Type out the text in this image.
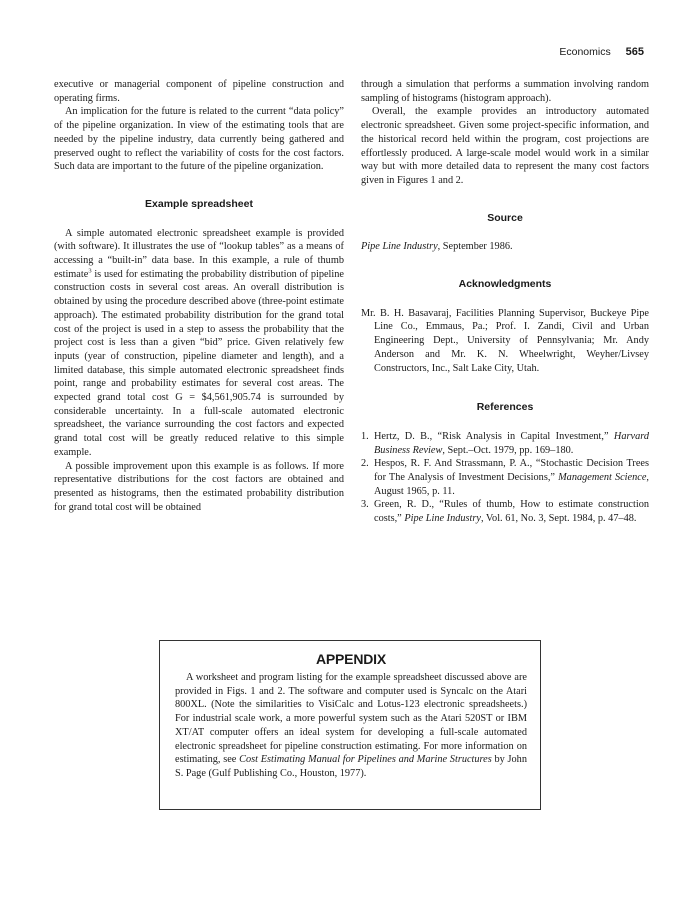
Economics 565

executive or managerial component of pipeline construction and operating firms.

An implication for the future is related to the current “data policy” of the pipeline organization. In view of the estimating tools that are needed by the pipeline industry, data currently being gathered and preserved ought to reflect the variability of costs for the cost factors. Such data are important to the future of the pipeline organization.

Example spreadsheet

A simple automated electronic spreadsheet example is provided (with software). It illustrates the use of “lookup tables” as a means of accessing a “built-in” data base. In this example, a rule of thumb estimate$^3$ is used for estimating the probability distribution of pipeline construction costs in several cost areas. An overall distribution is obtained by using the procedure described above (three-point estimate approach). The estimated probability distribution for the grand total cost of the project is used in a step to assess the probability that the project cost is less than a given “bid” price. Given relatively few inputs (year of construction, pipeline diameter and length), and a limited database, this simple automated electronic spreadsheet finds point, range and probability estimates for several cost areas. The expected grand total cost G = $4,561,905.74 is surrounded by considerable uncertainty. In a full-scale automated electronic spreadsheet, the variance surrounding the cost factors and expected grand total cost will be greatly reduced relative to this simple example.

A possible improvement upon this example is as follows. If more representative distributions for the cost factors are obtained and presented as histograms, then the estimated probability distribution for grand total cost will be obtained

through a simulation that performs a summation involving random sampling of histograms (histogram approach).

Overall, the example provides an introductory automated electronic spreadsheet. Given some project-specific information, and the historical record held within the program, cost projections are effortlessly produced. A large-scale model would work in a similar way but with more detailed data to represent the many cost factors given in Figures 1 and 2.

Source

Pipe Line Industry, September 1986.

Acknowledgments

Mr. B. H. Basavaraj, Facilities Planning Supervisor, Buckeye Pipe Line Co., Emmaus, Pa.; Prof. I. Zandi, Civil and Urban Engineering Dept., University of Pennsylvania; Mr. Andy Anderson and Mr. K. N. Wheelwright, Weyher/Livsey Constructors, Inc., Salt Lake City, Utah.

References
1. Hertz, D. B., “Risk Analysis in Capital Investment,” Harvard Business Review, Sept.–Oct. 1979, pp. 169–180.
2. Hespos, R. F. And Strassmann, P. A., “Stochastic Decision Trees for The Analysis of Investment Decisions,” Management Science, August 1965, p. 11.
3. Green, R. D., “Rules of thumb, How to estimate construction costs,” Pipe Line Industry, Vol. 61, No. 3, Sept. 1984, p. 47–48.
APPENDIX

A worksheet and program listing for the example spreadsheet discussed above are provided in Figs. 1 and 2. The software and computer used is Syncalc on the Atari 800XL. (Note the similarities to VisiCalc and Lotus-123 electronic spreadsheets.) For industrial scale work, a more powerful system such as the Atari 520ST or IBM XT/AT computer offers an ideal system for developing a full-scale automated electronic spreadsheet for pipeline construction estimating. For more information on estimating, see Cost Estimating Manual for Pipelines and Marine Structures by John S. Page (Gulf Publishing Co., Houston, 1977).
